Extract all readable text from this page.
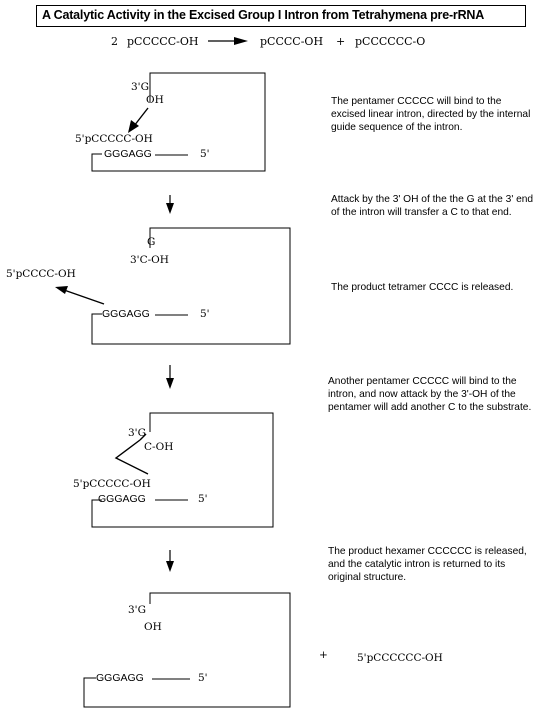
A Catalytic Activity in the Excised Group I Intron from Tetrahymena pre-rRNA
2 pCCCCC-OH	pCCCC-OH + pCCCCCC-O
3'G
OH
5'pCCCCC-OH
GGGAGG	5'
The pentamer CCCCC will bind to the excised linear intron, directed by the internal guide sequence of the intron.
G
3'C-OH
5'pCCCC-OH
GGGAGG	5'
Attack by the 3' OH of the the G at the 3' end of the intron will transfer a C to that end.
The product tetramer CCCC is released.
3'G
C-OH
5'pCCCCC-OH
GGGAGG	5'
Another pentamer CCCCC will bind to the intron, and now attack by the 3'-OH of the pentamer will add another C to the substrate.
3'G
OH
GGGAGG	5'
+	5'pCCCCCC-OH
The product hexamer CCCCCC is released, and the catalytic intron is returned to its original structure.
